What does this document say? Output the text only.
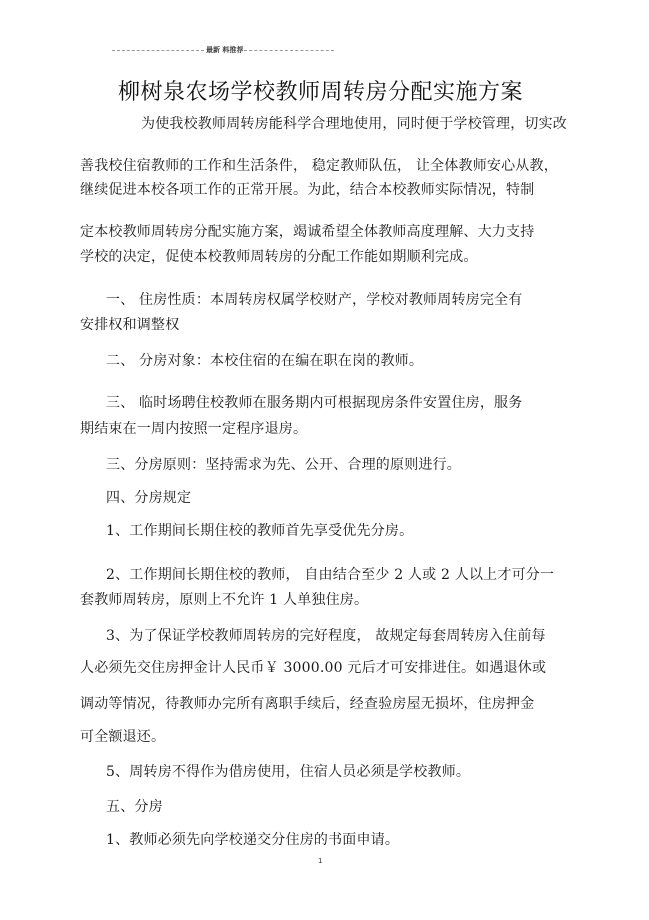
最新 料推荐
柳树泉农场学校教师周转房分配实施方案
为使我校教师周转房能科学合理地使用，同时便于学校管理，切实改
善我校住宿教师的工作和生活条件， 稳定教师队伍， 让全体教师安心从教，
继续促进本校各项工作的正常开展。为此，结合本校教师实际情况，特制
定本校教师周转房分配实施方案，竭诚希望全体教师高度理解、大力支持
学校的决定，促使本校教师周转房的分配工作能如期顺利完成。
一、 住房性质：本周转房权属学校财产，学校对教师周转房完全有
安排权和调整权
二、 分房对象：本校住宿的在编在职在岗的教师。
三、 临时场聘住校教师在服务期内可根据现房条件安置住房，服务
期结束在一周内按照一定程序退房。
三、分房原则：坚持需求为先、公开、合理的原则进行。
四、分房规定
1、工作期间长期住校的教师首先享受优先分房。
2、工作期间长期住校的教师， 自由结合至少 2 人或 2 人以上才可分一
套教师周转房，原则上不允许 1 人单独住房。
3、为了保证学校教师周转房的完好程度， 故规定每套周转房入住前每
人必须先交住房押金计人民币￥ 3000.00 元后才可安排进住。如遇退休或
调动等情况，待教师办完所有离职手续后，经查验房屋无损坏，住房押金
可全额退还。
5、周转房不得作为借房使用，住宿人员必须是学校教师。
五、分房
1、教师必须先向学校递交分住房的书面申请。
1
